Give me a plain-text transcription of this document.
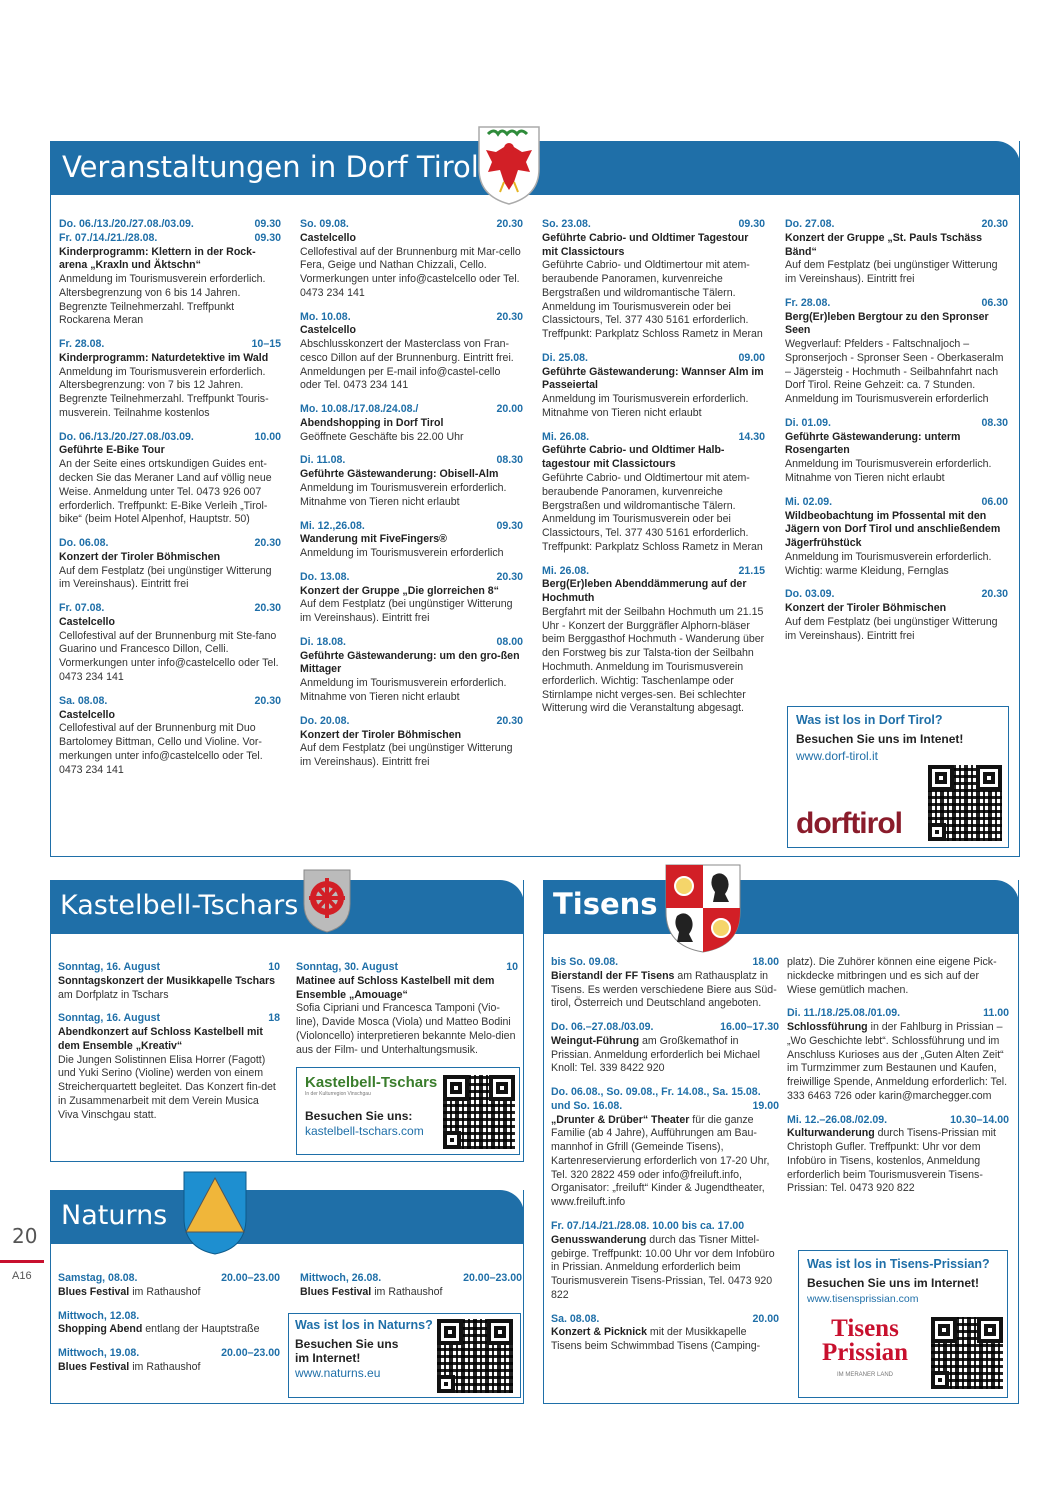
Veranstaltungen in Dorf Tirol
Do. 06./13./20./27.08./03.09.	09.30
Fr. 07./14./21./28.08.	09.30
Kinderprogramm: Klettern in der Rock-arena „Kraxln und Äktschn“
Anmeldung im Tourismusverein erforderlich. Altersbegrenzung von 6 bis 14 Jahren. Begrenzte Teilnehmerzahl. Treffpunkt Rockarena Meran
Fr. 28.08.	10–15
Kinderprogramm: Naturdetektive im Wald
Anmeldung im Tourismusverein erforderlich. Altersbegrenzung: von 7 bis 12 Jahren. Begrenzte Teilnehmerzahl. Treffpunkt Touris-musverein. Teilnahme kostenlos
Do. 06./13./20./27.08./03.09.	10.00
Geführte E-Bike Tour
An der Seite eines ortskundigen Guides ent-decken Sie das Meraner Land auf völlig neue Weise. Anmeldung unter Tel. 0473 926 007 erforderlich. Treffpunkt: E-Bike Verleih „Tirol-bike“ (beim Hotel Alpenhof, Hauptstr. 50)
Do. 06.08.	20.30
Konzert der Tiroler Böhmischen
Auf dem Festplatz (bei ungünstiger Witterung im Vereinshaus). Eintritt frei
Fr. 07.08.	20.30
Castelcello
Cellofestival auf der Brunnenburg mit Ste-fano Guarino und Francesco Dillon, Celli. Vormerkungen unter info@castelcello oder Tel. 0473 234 141
Sa. 08.08.	20.30
Castelcello
Cellofestival auf der Brunnenburg mit Duo Bartolomey Bittman, Cello und Violine. Vor-merkungen unter info@castelcello oder Tel. 0473 234 141
So. 09.08.	20.30
Castelcello
Cellofestival auf der Brunnenburg mit Mar-cello Fera, Geige und Nathan Chizzali, Cello. Vormerkungen unter info@castelcello oder Tel. 0473 234 141
Mo. 10.08.	20.30
Castelcello
Abschlusskonzert der Masterclass von Fran-cesco Dillon auf der Brunnenburg. Eintritt frei. Anmeldungen per E-mail info@castel-cello oder Tel. 0473 234 141
Mo. 10.08./17.08./24.08./	20.00
Abendshopping in Dorf Tirol
Geöffnete Geschäfte bis 22.00 Uhr
Di. 11.08.	08.30
Geführte Gästewanderung: Obisell-Alm
Anmeldung im Tourismusverein erforderlich. Mitnahme von Tieren nicht erlaubt
Mi. 12.,26.08.	09.30
Wanderung mit FiveFingers®
Anmeldung im Tourismusverein erforderlich
Do. 13.08.	20.30
Konzert der Gruppe „Die glorreichen 8“
Auf dem Festplatz (bei ungünstiger Witterung im Vereinshaus). Eintritt frei
Di. 18.08.	08.00
Geführte Gästewanderung: um den gro-ßen Mittager
Anmeldung im Tourismusverein erforderlich. Mitnahme von Tieren nicht erlaubt
Do. 20.08.	20.30
Konzert der Tiroler Böhmischen
Auf dem Festplatz (bei ungünstiger Witterung im Vereinshaus). Eintritt frei
So. 23.08.	09.30
Geführte Cabrio- und Oldtimer Tagestour mit Classictours
Geführte Cabrio- und Oldtimertour mit atem-beraubende Panoramen, kurvenreiche Bergstraßen und wildromantische Tälern. Anmeldung im Tourismusverein oder bei Classictours, Tel. 377 430 5161 erforderlich. Treffpunkt: Parkplatz Schloss Rametz in Meran
Di. 25.08.	09.00
Geführte Gästewanderung: Wannser Alm im Passeiertal
Anmeldung im Tourismusverein erforderlich. Mitnahme von Tieren nicht erlaubt
Mi. 26.08.	14.30
Geführte Cabrio- und Oldtimer Halb-tagestour mit Classictours
Geführte Cabrio- und Oldtimertour mit atem-beraubende Panoramen, kurvenreiche Bergstraßen und wildromantische Tälern. Anmeldung im Tourismusverein oder bei Classictours, Tel. 377 430 5161 erforderlich. Treffpunkt: Parkplatz Schloss Rametz in Meran
Mi. 26.08.	21.15
Berg(Er)leben Abenddämmerung auf der Hochmuth
Bergfahrt mit der Seilbahn Hochmuth um 21.15 Uhr - Konzert der Burggräfler Alphorn-bläser beim Berggasthof Hochmuth - Wanderung über den Forstweg bis zur Talsta-tion der Seilbahn Hochmuth. Anmeldung im Tourismusverein erforderlich. Wichtig: Taschenlampe oder Stirnlampe nicht verges-sen. Bei schlechter Witterung wird die Veranstaltung abgesagt.
Do. 27.08.	20.30
Konzert der Gruppe „St. Pauls Tschäss Bänd“
Auf dem Festplatz (bei ungünstiger Witterung im Vereinshaus). Eintritt frei
Fr. 28.08.	06.30
Berg(Er)leben Bergtour zu den Spronser Seen
Wegverlauf: Pfelders - Faltschnaljoch – Spronserjoch - Spronser Seen - Oberkaseralm – Jägersteig - Hochmuth - Seilbahnfahrt nach Dorf Tirol. Reine Gehzeit: ca. 7 Stunden. Anmeldung im Tourismusverein erforderlich
Di. 01.09.	08.30
Geführte Gästewanderung: unterm Rosengarten
Anmeldung im Tourismusverein erforderlich. Mitnahme von Tieren nicht erlaubt
Mi. 02.09.	06.00
Wildbeobachtung im Pfossental mit den Jägern von Dorf Tirol und anschließendem Jägerfrühstück
Anmeldung im Tourismusverein erforderlich. Wichtig: warme Kleidung, Fernglas
Do. 03.09.	20.30
Konzert der Tiroler Böhmischen
Auf dem Festplatz (bei ungünstiger Witterung im Vereinshaus). Eintritt frei
Was ist los in Dorf Tirol?
Besuchen Sie uns im Intenet!
www.dorf-tirol.it
dorftirol
Kastelbell-Tschars
Sonntag, 16. August	10
Sonntagskonzert der Musikkapelle Tschars am Dorfplatz in Tschars
Sonntag, 16. August	18
Abendkonzert auf Schloss Kastelbell mit dem Ensemble „Kreativ“
Die Jungen Solistinnen Elisa Horrer (Fagott) und Yuki Serino (Violine) werden von einem Streicherquartett begleitet. Das Konzert fin-det in Zusammenarbeit mit dem Verein Musica Viva Vinschgau statt.
Sonntag, 30. August	10
Matinee auf Schloss Kastelbell mit dem Ensemble „Amouage“
Sofia Cipriani und Francesca Tamponi (Vio-line), Davide Mosca (Viola) und Matteo Bodini (Violoncello) interpretieren bekannte Melo-dien aus der Film- und Unterhaltungsmusik.
Kastelbell-Tschars
In der Kulturregion Vinschgau
Besuchen Sie uns:
kastelbell-tschars.com
Naturns
Samstag, 08.08.	20.00–23.00
Blues Festival im Rathaushof
Mittwoch, 12.08.
Shopping Abend entlang der Hauptstraße
Mittwoch, 19.08.	20.00–23.00
Blues Festival im Rathaushof
Mittwoch, 26.08.	20.00–23.00
Blues Festival im Rathaushof
Was ist los in Naturns?
Besuchen Sie uns im Internet!
www.naturns.eu
Tisens
bis So. 09.08.	18.00
Bierstandl der FF Tisens am Rathausplatz in Tisens. Es werden verschiedene Biere aus Süd-tirol, Österreich und Deutschland angeboten.
Do. 06.–27.08./03.09.	16.00–17.30
Weingut-Führung am Großkemathof in Prissian. Anmeldung erforderlich bei Michael Knoll: Tel. 339 8422 920
Do. 06.08., So. 09.08., Fr. 14.08., Sa. 15.08. und So. 16.08.	19.00
„Drunter & Drüber“ Theater für die ganze Familie (ab 4 Jahre), Aufführungen am Bau-mannhof in Gfrill (Gemeinde Tisens), Kartenreservierung erforderlich von 17-20 Uhr, Tel. 320 2822 459 oder info@freiluft.info, Organisator: „freiluft“ Kinder & Jugendtheater, www.freiluft.info
Fr. 07./14./21./28.08. 10.00 bis ca. 17.00
Genusswanderung durch das Tisner Mittel-gebirge. Treffpunkt: 10.00 Uhr vor dem Infobüro in Prissian. Anmeldung erforderlich beim Tourismusverein Tisens-Prissian, Tel. 0473 920 822
Sa. 08.08.	20.00
Konzert & Picknick mit der Musikkapelle Tisens beim Schwimmbad Tisens (Camping-
platz). Die Zuhörer können eine eigene Pick-nickdecke mitbringen und es sich auf der Wiese gemütlich machen.
Di. 11./18./25.08./01.09.	11.00
Schlossführung in der Fahlburg in Prissian – „Wo Geschichte lebt“. Schlossführung und im Anschluss Kurioses aus der „Guten Alten Zeit“ im Turmzimmer zum Bestaunen und Kaufen, freiwillige Spende, Anmeldung erforderlich: Tel. 333 6463 726 oder karin@marchegger.com
Mi. 12.–26.08./02.09.	10.30–14.00
Kulturwanderung durch Tisens-Prissian mit Christoph Gufler. Treffpunkt: Uhr vor dem Infobüro in Tisens, kostenlos, Anmeldung erforderlich beim Tourismusverein Tisens-Prissian: Tel. 0473 920 822
Was ist los in Tisens-Prissian?
Besuchen Sie uns im Internet!
www.tisensprissian.com
Tisens
Prissian
IM MERANER LAND
20
A16
